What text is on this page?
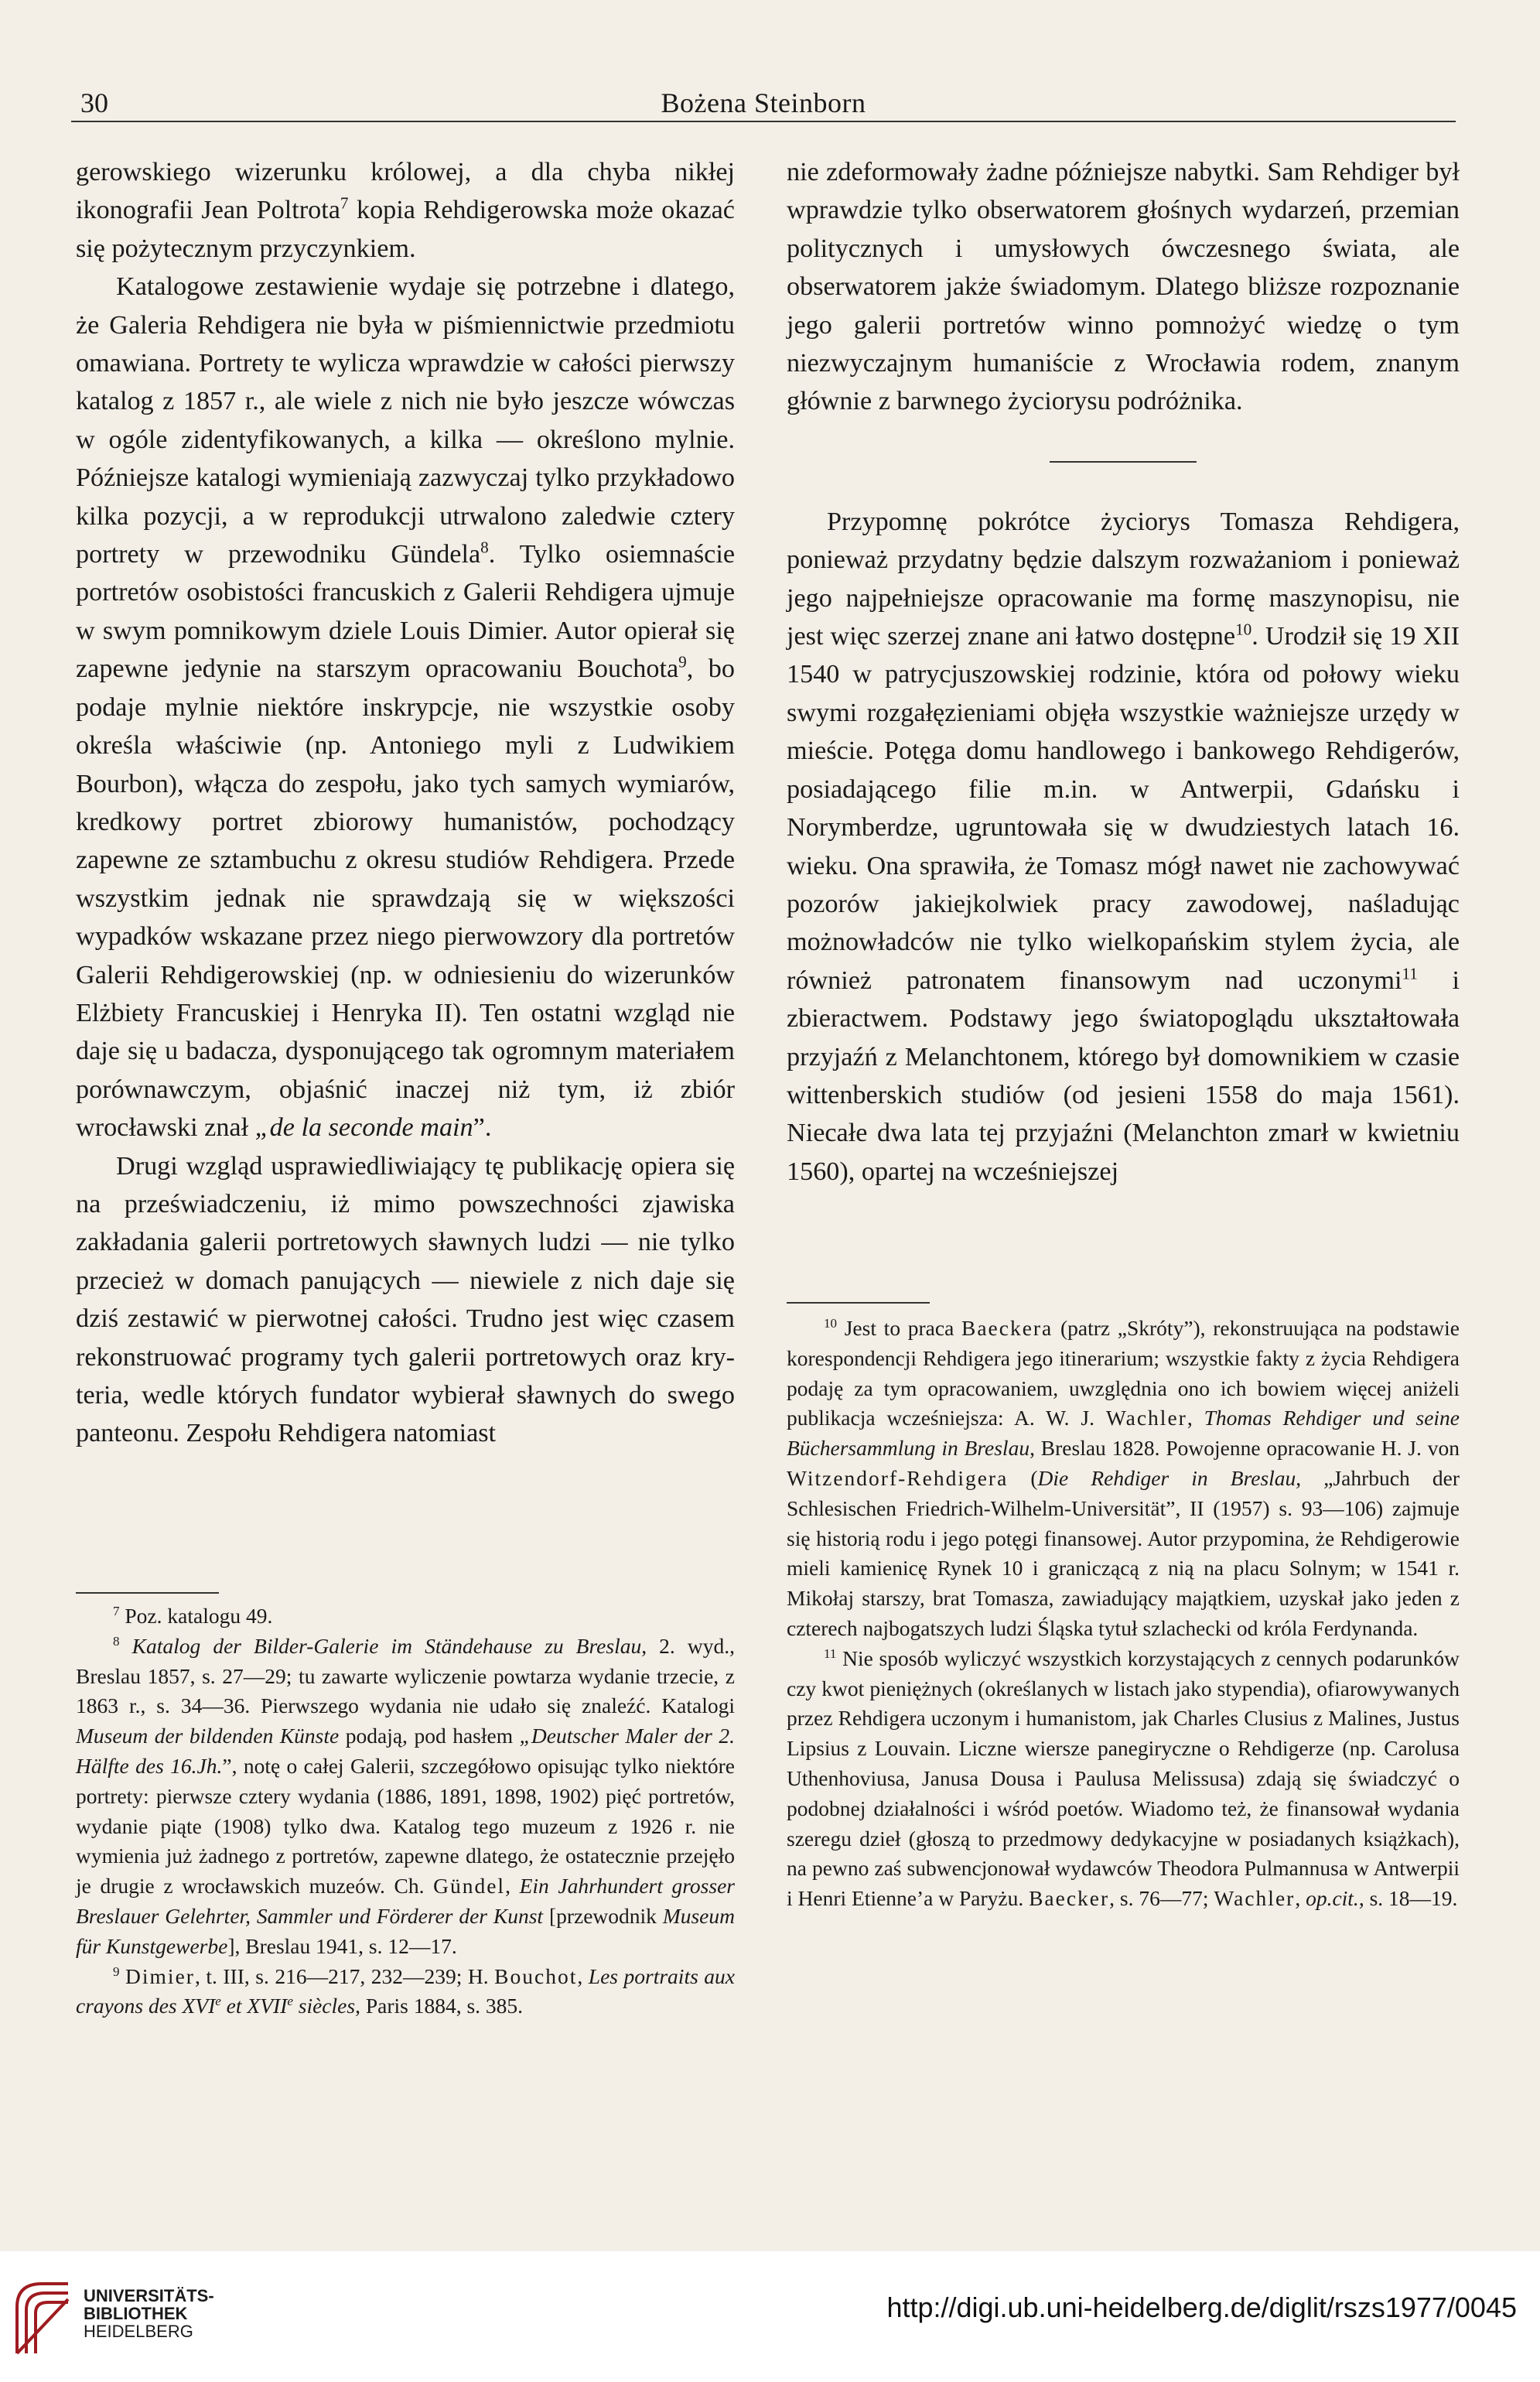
30	Bożena Steinborn

gerowskiego wizerunku królowej, a dla chyba nikłej ikonografii Jean Poltrota$^7$ kopia Rehdigerowska może okazać się pożytecznym przyczynkiem.

Katalogowe zestawienie wydaje się potrzebne i dlatego, że Galeria Rehdigera nie była w piśmiennictwie przedmiotu omawiana. Portrety te wylicza wprawdzie w całości pierwszy katalog z 1857 r., ale wiele z nich nie było jeszcze wówczas w ogóle zidentyfikowanych, a kilka — określono mylnie. Późniejsze katalogi wymieniają zazwyczaj tylko przykładowo kilka pozycji, a w reprodukcji utrwalono zaledwie cztery portrety w przewodniku Gündela$^8$. Tylko osiemnaście portretów osobistości francuskich z Galerii Rehdigera ujmuje w swym pomnikowym dziele Louis Dimier. Autor opierał się zapewne jedynie na starszym opracowaniu Bouchota$^9$, bo podaje mylnie niektóre inskrypcje, nie wszystkie osoby określa właściwie (np. Antoniego myli z Ludwikiem Bourbon), włącza do zespołu, jako tych samych wymiarów, kredkowy portret zbiorowy humanistów, pochodzący zapewne ze sztambuchu z okresu studiów Rehdigera. Przede wszystkim jednak nie sprawdzają się w większości wypadków wskazane przez niego pierwowzory dla portretów Galerii Rehdigerowskiej (np. w odniesieniu do wizerunków Elżbiety Francuskiej i Henryka II). Ten ostatni wzgląd nie daje się u badacza, dysponującego tak ogromnym materiałem porównawczym, objaśnić inaczej niż tym, iż zbiór wrocławski znał „de la seconde main”.

Drugi wzgląd usprawiedliwiający tę publikację opiera się na przeświadczeniu, iż mimo powszechności zjawiska zakładania galerii portretowych sławnych ludzi — nie tylko przecież w domach panujących — niewiele z nich daje się dziś zestawić w pierwotnej całości. Trudno jest więc czasem rekonstruować programy tych galerii portretowych oraz kryteria, wedle których fundator wybierał sławnych do swego panteonu. Zespołu Rehdigera natomiast

$^7$ Poz. katalogu 49.

$^8$ Katalog der Bilder-Galerie im Ständehause zu Breslau, 2. wyd., Breslau 1857, s. 27—29; tu zawarte wyliczenie powtarza wydanie trzecie, z 1863 r., s. 34—36. Pierwszego wydania nie udało się znaleźć. Katalogi Museum der bildenden Künste podają, pod hasłem „Deutscher Maler der 2. Hälfte des 16.Jh.”, notę o całej Galerii, szczegółowo opisując tylko niektóre portrety: pierwsze cztery wydania (1886, 1891, 1898, 1902) pięć portretów, wydanie piąte (1908) tylko dwa. Katalog tego muzeum z 1926 r. nie wymienia już żadnego z portretów, zapewne dlatego, że ostatecznie przejęło je drugie z wrocławskich muzeów. Ch. Gündel, Ein Jahrhundert grosser Breslauer Gelehrter, Sammler und Förderer der Kunst [przewodnik Museum für Kunstgewerbe], Breslau 1941, s. 12—17.

$^9$ Dimier, t. III, s. 216—217, 232—239; H. Bouchot, Les portraits aux crayons des XVIe et XVIIe siècles, Paris 1884, s. 385.

nie zdeformowały żadne późniejsze nabytki. Sam Rehdiger był wprawdzie tylko obserwatorem głośnych wydarzeń, przemian politycznych i umysłowych ówczesnego świata, ale obserwatorem jakże świadomym. Dlatego bliższe rozpoznanie jego galerii portretów winno pomnożyć wiedzę o tym niezwyczajnym humaniście z Wrocławia rodem, znanym głównie z barwnego życiorysu podróżnika.

Przypomnę pokrótce życiorys Tomasza Rehdigera, ponieważ przydatny będzie dalszym rozważaniom i ponieważ jego najpełniejsze opracowanie ma formę maszynopisu, nie jest więc szerzej znane ani łatwo dostępne$^{10}$. Urodził się 19 XII 1540 w patrycjuszowskiej rodzinie, która od połowy wieku swymi rozgałęzieniami objęła wszystkie ważniejsze urzędy w mieście. Potęga domu handlowego i bankowego Rehdigerów, posiadającego filie m.in. w Antwerpii, Gdańsku i Norymberdze, ugruntowała się w dwudziestych latach 16. wieku. Ona sprawiła, że Tomasz mógł nawet nie zachowywać pozorów jakiejkolwiek pracy zawodowej, naśladując możnowładców nie tylko wielkopańskim stylem życia, ale również patronatem finansowym nad uczonymi$^{11}$ i zbieractwem. Podstawy jego światopoglądu ukształtowała przyjaźń z Melanchtonem, którego był domownikiem w czasie wittenberskich studiów (od jesieni 1558 do maja 1561). Niecałe dwa lata tej przyjaźni (Melanchton zmarł w kwietniu 1560), opartej na wcześniejszej

$^{10}$ Jest to praca Baeckera (patrz „Skróty”), rekonstruująca na podstawie korespondencji Rehdigera jego itinerarium; wszystkie fakty z życia Rehdigera podaję za tym opracowaniem, uwzględnia ono ich bowiem więcej aniżeli publikacja wcześniejsza: A. W. J. Wachler, Thomas Rehdiger und seine Büchersammlung in Breslau, Breslau 1828. Powojenne opracowanie H. J. von Witzendorf-Rehdigera (Die Rehdiger in Breslau, „Jahrbuch der Schlesischen Friedrich-Wilhelm-Universität”, II (1957) s. 93—106) zajmuje się historią rodu i jego potęgi finansowej. Autor przypomina, że Rehdigerowie mieli kamienicę Rynek 10 i graniczącą z nią na placu Solnym; w 1541 r. Mikołaj starszy, brat Tomasza, zawiadujący majątkiem, uzyskał jako jeden z czterech najbogatszych ludzi Śląska tytuł szlachecki od króla Ferdynanda.

$^{11}$ Nie sposób wyliczyć wszystkich korzystających z cennych podarunków czy kwot pieniężnych (określanych w listach jako stypendia), ofiarowywanych przez Rehdigera uczonym i humanistom, jak Charles Clusius z Malines, Justus Lipsius z Louvain. Liczne wiersze panegiryczne o Rehdigerze (np. Carolusa Uthenhoviusa, Janusa Dousa i Paulusa Melissusa) zdają się świadczyć o podobnej działalności i wśród poetów. Wiadomo też, że finansował wydania szeregu dzieł (głoszą to przedmowy dedykacyjne w posiadanych książkach), na pewno zaś subwencjonował wydawców Theodora Pulmannusa w Antwerpii i Henri Etienne’a w Paryżu. Baecker, s. 76—77; Wachler, op.cit., s. 18—19.

UNIVERSITÄTS-
BIBLIOTHEK
HEIDELBERG
http://digi.ub.uni-heidelberg.de/diglit/rszs1977/0045
